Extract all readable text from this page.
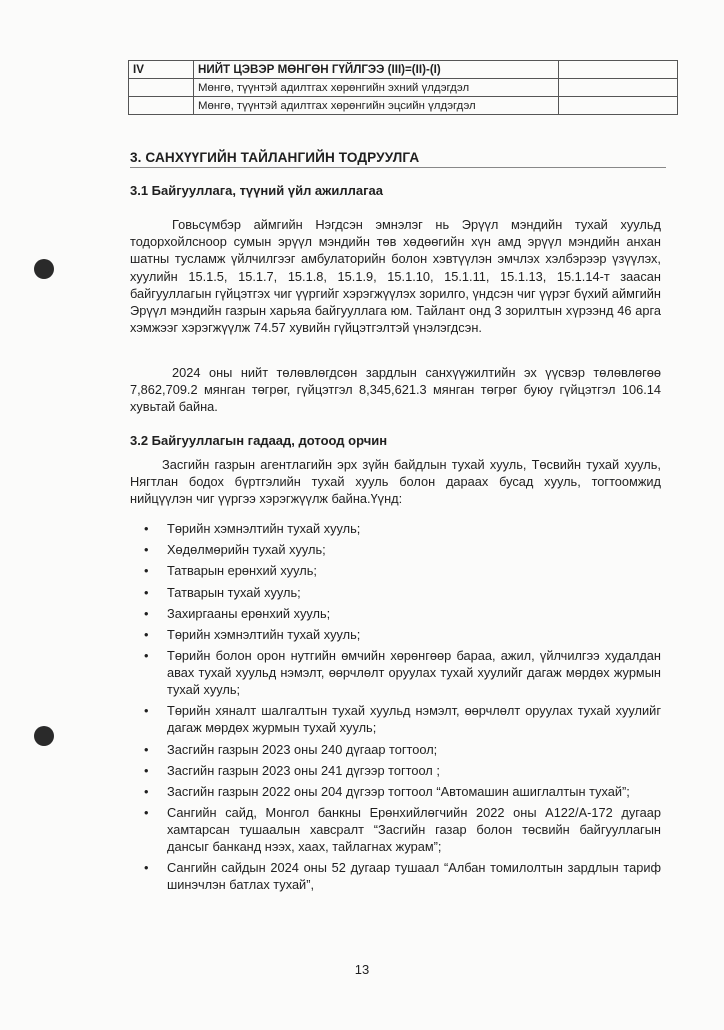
IV	НИЙТ ЦЭВЭР МӨНГӨН ГҮЙЛГЭЭ (III)=(II)-(I)	
	Мөнгө, түүнтэй адилтгах хөрөнгийн эхний үлдэгдэл	
	Мөнгө, түүнтэй адилтгах хөрөнгийн эцсийн үлдэгдэл	
3. САНХҮҮГИЙН ТАЙЛАНГИЙН ТОДРУУЛГА
3.1 Байгууллага, түүний үйл ажиллагаа

Говьсүмбэр аймгийн Нэгдсэн эмнэлэг нь Эрүүл мэндийн тухай хуульд тодорхойлсноор сумын эрүүл мэндийн төв хөдөөгийн хүн амд эрүүл мэндийн анхан шатны тусламж үйлчилгээг амбулаторийн болон хэвтүүлэн эмчлэх хэлбэрээр үзүүлэх, хуулийн 15.1.5, 15.1.7, 15.1.8, 15.1.9, 15.1.10, 15.1.11, 15.1.13, 15.1.14-т заасан байгууллагын гүйцэтгэх чиг үүргийг хэрэгжүүлэх зорилго, үндсэн чиг үүрэг бүхий аймгийн Эрүүл мэндийн газрын харьяа байгууллага юм. Тайлант онд 3 зорилтын хүрээнд 46 арга хэмжээг хэрэгжүүлж 74.57 хувийн гүйцэтгэлтэй үнэлэгдсэн.

2024 оны нийт төлөвлөгдсөн зардлын санхүүжилтийн эх үүсвэр төлөвлөгөө 7,862,709.2 мянган төгрөг, гүйцэтгэл 8,345,621.3 мянган төгрөг буюу гүйцэтгэл 106.14 хувьтай байна.

3.2 Байгууллагын гадаад, дотоод орчин

Засгийн газрын агентлагийн эрх зүйн байдлын тухай хууль, Төсвийн тухай хууль, Нягтлан бодох бүртгэлийн тухай хууль болон дараах бусад хууль, тогтоомжид нийцүүлэн чиг үүргээ хэрэгжүүлж байна.Үүнд:

• Төрийн хэмнэлтийн тухай хууль;
• Хөдөлмөрийн тухай хууль;
• Татварын ерөнхий хууль;
• Татварын тухай хууль;
• Захиргааны ерөнхий хууль;
• Төрийн хэмнэлтийн тухай хууль;
• Төрийн болон орон нутгийн өмчийн хөрөнгөөр бараа, ажил, үйлчилгээ худалдан авах тухай хуульд нэмэлт, өөрчлөлт оруулах тухай хуулийг дагаж мөрдөх журмын тухай хууль;
• Төрийн хяналт шалгалтын тухай хуульд нэмэлт, өөрчлөлт оруулах тухай хуулийг дагаж мөрдөх журмын тухай хууль;
• Засгийн газрын 2023 оны 240 дүгаар тогтоол;
• Засгийн газрын 2023 оны 241 дүгээр тогтоол ;
• Засгийн газрын 2022 оны 204 дүгээр тогтоол “Автомашин ашиглалтын тухай”;
• Сангийн сайд, Монгол банкны Ерөнхийлөгчийн 2022 оны А122/А-172 дугаар хамтарсан тушаалын хавсралт “Засгийн газар болон төсвийн байгууллагын дансыг банканд нээх, хаах, тайлагнах журам”;
• Сангийн сайдын 2024 оны 52 дугаар тушаал “Албан томилолтын зардлын тариф шинэчлэн батлах тухай”,
13
